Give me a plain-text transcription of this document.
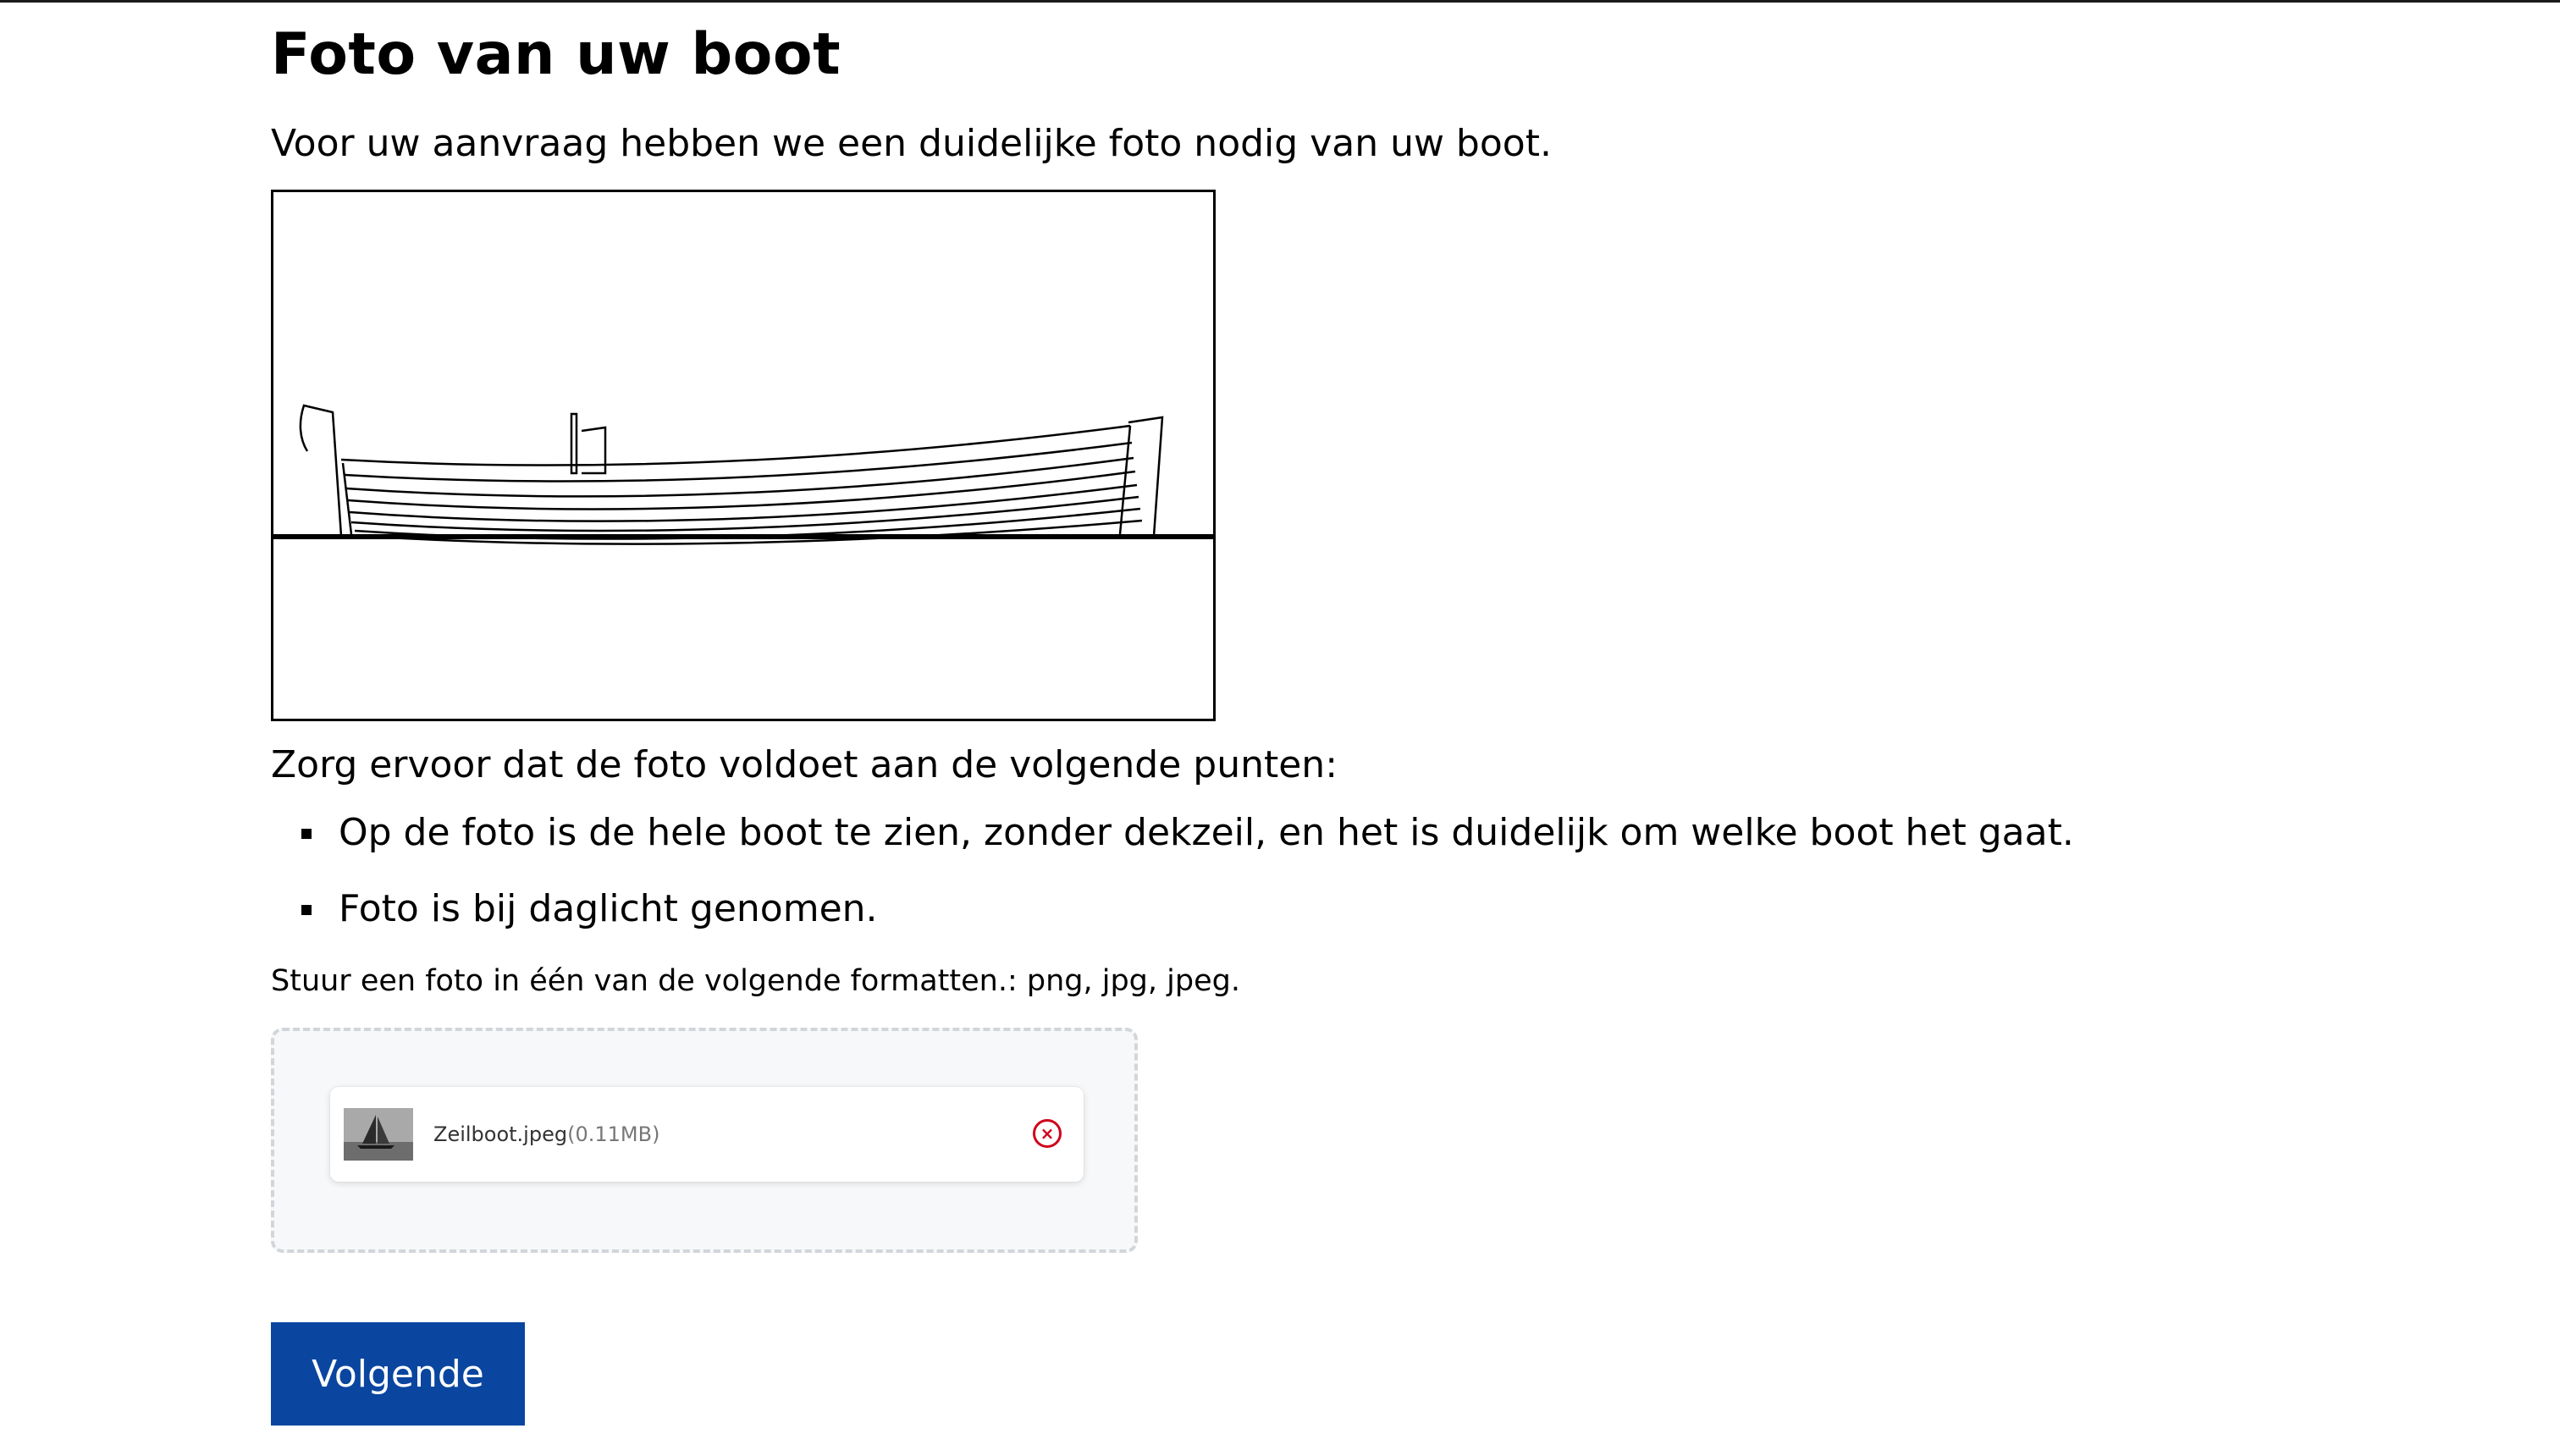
Foto van uw boot

Voor uw aanvraag hebben we een duidelijke foto nodig van uw boot.

Zorg ervoor dat de foto voldoet aan de volgende punten:

Op de foto is de hele boot te zien, zonder dekzeil, en het is duidelijk om welke boot het gaat.
Foto is bij daglicht genomen.

Stuur een foto in één van de volgende formatten.: png, jpg, jpeg.

Zeilboot.jpeg (0.11MB)	×
Volgende
